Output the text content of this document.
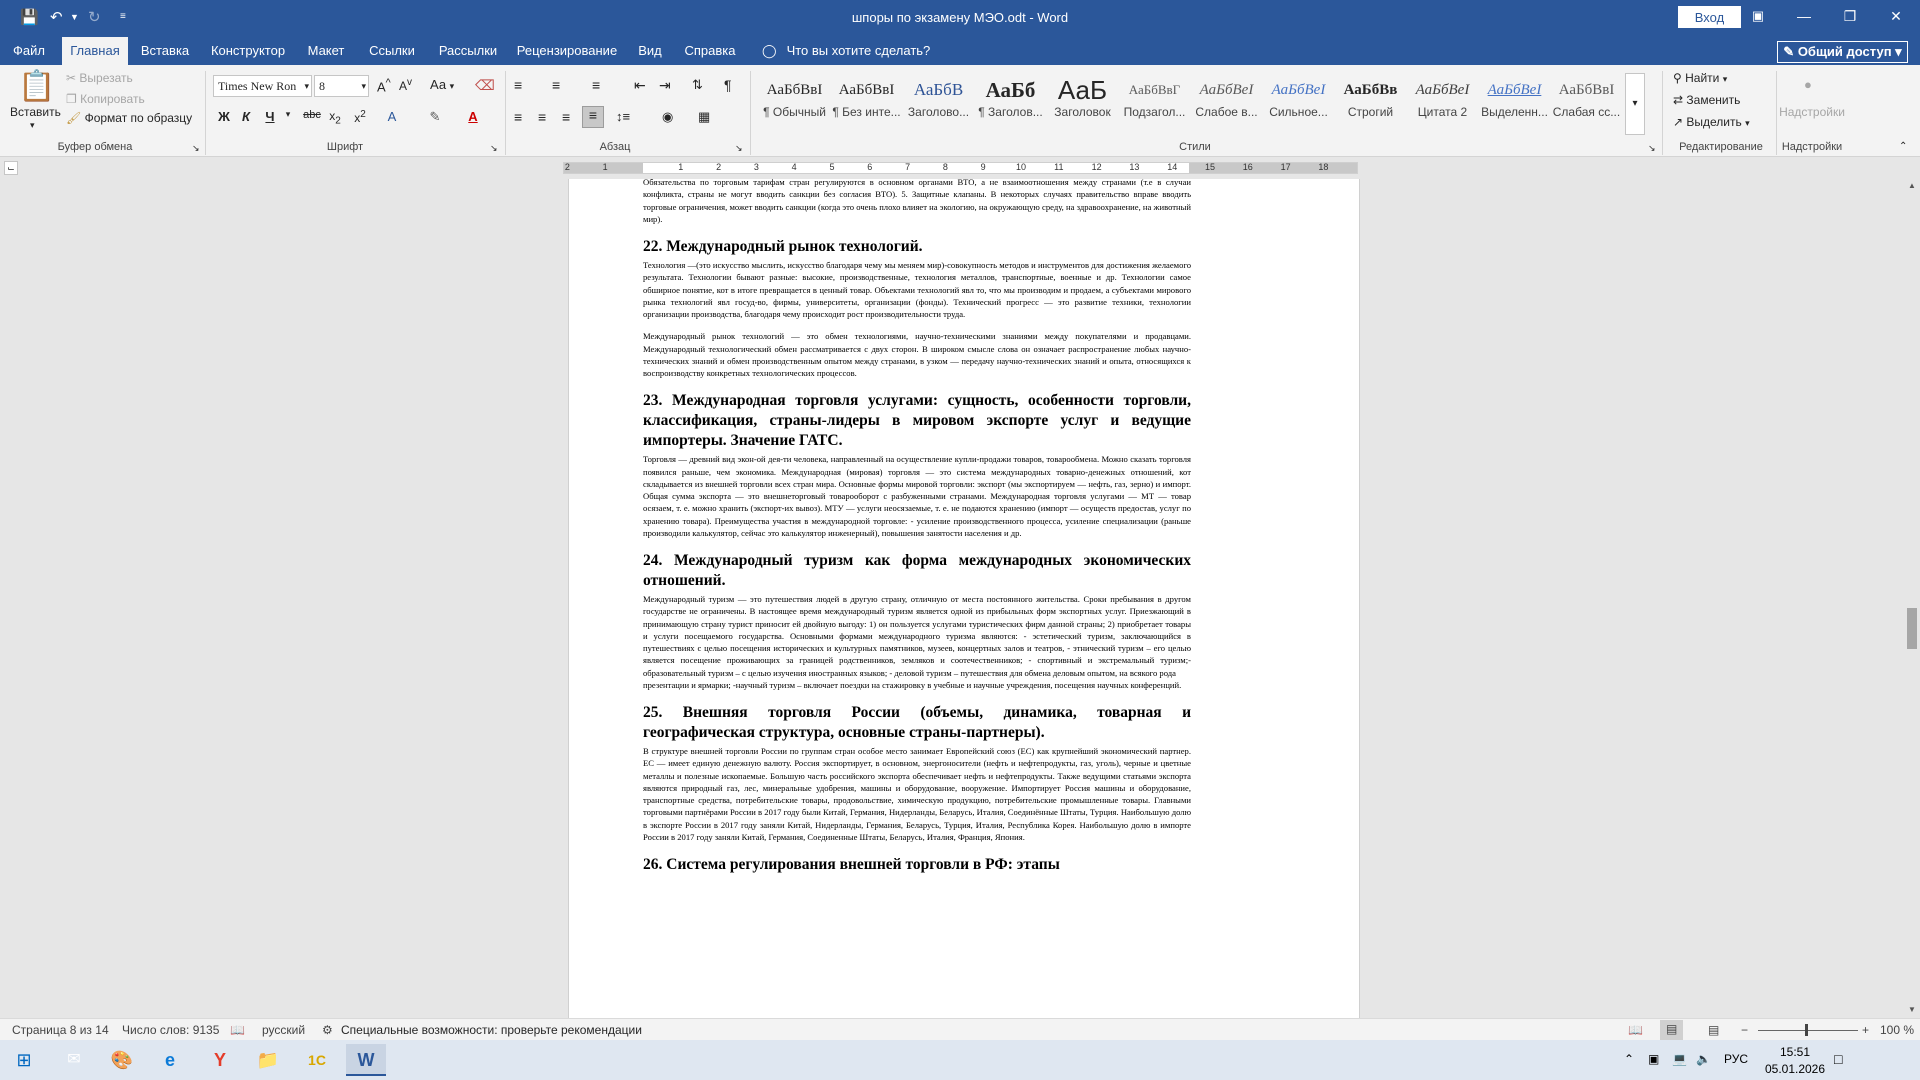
💾 ↶ ▼ ↻ ≡	шпоры по экзамену МЭО.odt - Word	Вход	▣	—	❐	✕
Файл	Главная	Вставка	Конструктор	Макет	Ссылки	Рассылки	Рецензирование	Вид	Справка	◯ Что вы хотите сделать?	✎ Общий доступ ▾
📋
Вставить
▾
✂ Вырезать
❐ Копировать
🖌 Формат по образцу
Буфер обмена	↘
Times New Ron ▾ 8	▾ A^ $A^v$ Аа ▾ ⌫
Ж К	Ч	▾	abc $x_2$	$x^2$	A	✎	A
Шрифт	↘
≡ ≡ ≡ ⇤ ⇥ ⇅ ¶
≡ ≡ ≡	≡	↕≡ ◉ ▦
Абзац	↘
АаБбВвI
¶ Обычный
АаБбВвI
¶ Без инте...
АаБбВ
Заголово...
АаБб
¶ Заголов...
АаБ
Заголовок
АаБбВвГ
Подзагол...
АаБбВеI
Слабое в...
АаБбВеI
Сильное...
АаБбВв
Строгий
АаБбВеI
Цитата 2
АаБбВеI
Выделенн...
АаБбВвI
Слабая сс...
▾
Стили	↘
⚲ Найти ▾
⇄ Заменить
↗ Выделить ▾
Редактирование
●
Надстройки
Надстройки	⌃
⌙	2	1	1	2	3	4	5	6	7	8	9	10	11	12	13	14	15	16	17	18

Обязательства по торговым тарифам стран регулируются в основном органами ВТО, а не взаимоотношения между странами (т.е в случаи конфликта, страны не могут вводить санкции без согласия ВТО). 5. Защитные клапаны. В некоторых случаях правительство вправе вводить торговые ограничения, может вводить санкции (когда это очень плохо влияет на экологию, на окружающую среду, на здравоохранение, на животный мир).

22. Международный рынок технологий.

Технология —(это искусство мыслить, искусство благодаря чему мы меняем мир)-совокупность методов и инструментов для достижения желаемого результата. Технологии бывают разные: высокие, производственные, технология металлов, транспортные, военные и др. Технологии самое обширное понятие, кот в итоге превращается в ценный товар. Объектами технологий явл то, что мы производим и продаем, а субъектами мирового рынка технологий явл госуд-во, фирмы, университеты, организации (фонды). Технический прогресс — это развитие техники, технологии организации производства, благодаря чему происходит рост производительности труда.

Международный рынок технологий — это обмен технологиями, научно-техническими знаниями между покупателями и продавцами. Международный технологический обмен рассматривается с двух сторон. В широком смысле слова он означает распространение любых научно- технических знаний и обмен производственным опытом между странами, в узком — передачу научно-технических знаний и опыта, относящихся к воспроизводству конкретных технологических процессов.

23. Международная торговля услугами: сущность, особенности торговли, классификация, страны-лидеры в мировом экспорте услуг и ведущие импортеры. Значение ГАТС.

Торговля — древний вид экон-ой дея-ти человека, направленный на осуществление купли-продажи товаров, товарообмена. Можно сказать торговля появился раньше, чем экономика. Международная (мировая) торговля — это система международных товарно-денежных отношений, кот складывается из внешней торговли всех стран мира. Основные формы мировой торговли: экспорт (мы экспортируем — нефть, газ, зерно) и импорт. Общая сумма экспорта — это внешнеторговый товарооборот с разбуженными странами. Международная торговля услугами — МТ — товар осязаем, т. е. можно хранить (экспорт-их вывоз). МТУ — услуги неосязаемые, т. е. не подаются хранению (импорт — осуществ предостав, услуг по хранению товара). Преимущества участия в международной торговле: - усиление производственного процесса, усиление специализации (раньше производили калькулятор, сейчас это калькулятор инженерный), повышения занятости населения и др.

24. Международный туризм как форма международных экономических отношений.

Международный туризм — это путешествия людей в другую страну, отличную от места постоянного жительства. Сроки пребывания в другом государстве не ограничены. В настоящее время международный туризм является одной из прибыльных форм экспортных услуг. Приезжающий в принимающую страну турист приносит ей двойную выгоду: 1) он пользуется услугами туристических фирм данной страны; 2) приобретает товары и услуги посещаемого государства. Основными формами международного туризма являются: - эстетический туризм, заключающийся в путешествиях с целью посещения исторических и культурных памятников, музеев, концертных залов и театров, - этнический туризм – его целью является посещение проживающих за границей родственников, земляков и соотечественников; - спортивный и экстремальный туризм;- образовательный туризм – с целью изучения иностранных языков; - деловой туризм – путешествия для обмена деловым опытом, на всякого рода

презентации и ярмарки; -научный туризм – включает поездки на стажировку в учебные и научные учреждения, посещения научных конференций.

25. Внешняя торговля России (объемы, динамика, товарная и географическая структура, основные страны-партнеры).

В структуре внешней торговли России по группам стран особое место занимает Европейский союз (ЕС) как крупнейший экономический партнер. ЕС — имеет единую денежную валюту. Россия экспортирует, в основном, энергоносители (нефть и нефтепродукты, газ, уголь), черные и цветные металлы и полезные ископаемые. Большую часть российского экспорта обеспечивает нефть и нефтепродукты. Также ведущими статьями экспорта являются природный газ, лес, минеральные удобрения, машины и оборудование, вооружение. Импортирует Россия машины и оборудование, транспортные средства, потребительские товары, продовольствие, химическую продукцию, потребительские промышленные товары. Главными торговыми партнёрами России в 2017 году были Китай, Германия, Нидерланды, Беларусь, Италия, Соединённые Штаты, Турция. Наибольшую долю в экспорте России в 2017 году заняли Китай, Нидерланды, Германия, Беларусь, Турция, Италия, Республика Корея. Наибольшую долю в импорте России в 2017 году заняли Китай, Германия, Соединенные Штаты, Беларусь, Италия, Франция, Япония.

26. Система регулирования внешней торговли в РФ: этапы
▲
▼
Страница 8 из 14 Число слов: 9135 📖 русский ⚙ Специальные возможности: проверьте рекомендации	📖	▤	▤ −	+ 100 %
⊞	✉	🎨	e	Y	📁	1С	W	⌃ ▣ 💻 🔈 РУС	15:51
05.01.2026
□
